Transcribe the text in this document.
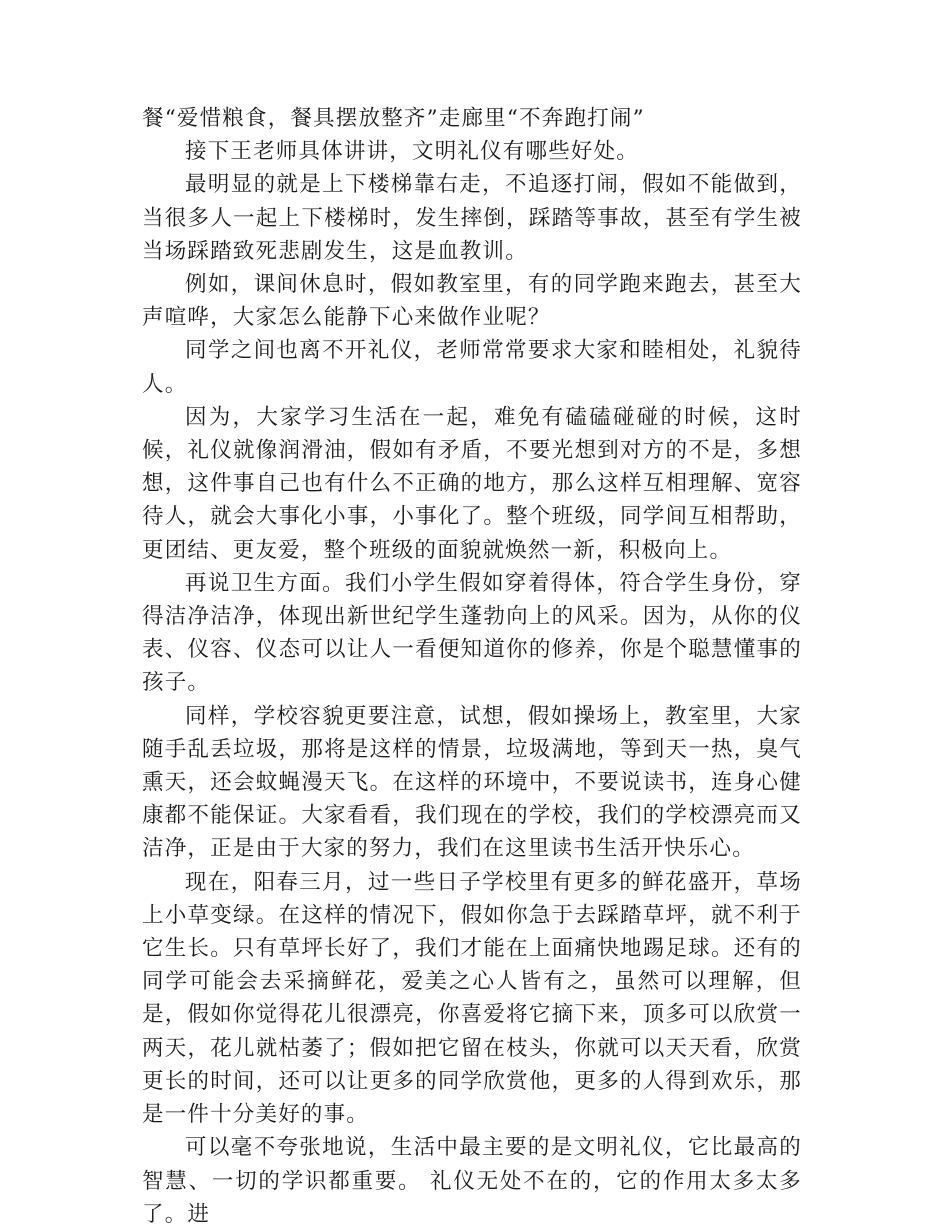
餐“爱惜粮食，餐具摆放整齐”走廊里“不奔跑打闹”

接下王老师具体讲讲，文明礼仪有哪些好处。

最明显的就是上下楼梯靠右走，不追逐打闹，假如不能做到，当很多人一起上下楼梯时，发生摔倒，踩踏等事故，甚至有学生被当场踩踏致死悲剧发生，这是血教训。

例如，课间休息时，假如教室里，有的同学跑来跑去，甚至大声喧哗，大家怎么能静下心来做作业呢？

同学之间也离不开礼仪，老师常常要求大家和睦相处，礼貌待人。

因为，大家学习生活在一起，难免有磕磕碰碰的时候，这时候，礼仪就像润滑油，假如有矛盾，不要光想到对方的不是，多想想，这件事自己也有什么不正确的地方，那么这样互相理解、宽容待人，就会大事化小事，小事化了。整个班级，同学间互相帮助，更团结、更友爱，整个班级的面貌就焕然一新，积极向上。

再说卫生方面。我们小学生假如穿着得体，符合学生身份，穿得洁净洁净，体现出新世纪学生蓬勃向上的风采。因为，从你的仪表、仪容、仪态可以让人一看便知道你的修养，你是个聪慧懂事的孩子。

同样，学校容貌更要注意，试想，假如操场上，教室里，大家随手乱丢垃圾，那将是这样的情景，垃圾满地，等到天一热，臭气熏天，还会蚊蝇漫天飞。在这样的环境中，不要说读书，连身心健康都不能保证。大家看看，我们现在的学校，我们的学校漂亮而又洁净，正是由于大家的努力，我们在这里读书生活开快乐心。

现在，阳春三月，过一些日子学校里有更多的鲜花盛开，草场上小草变绿。在这样的情况下，假如你急于去踩踏草坪，就不利于它生长。只有草坪长好了，我们才能在上面痛快地踢足球。还有的同学可能会去采摘鲜花，爱美之心人皆有之，虽然可以理解，但是，假如你觉得花儿很漂亮，你喜爱将它摘下来，顶多可以欣赏一两天，花儿就枯萎了；假如把它留在枝头，你就可以天天看，欣赏更长的时间，还可以让更多的同学欣赏他，更多的人得到欢乐，那是一件十分美好的事。

可以毫不夸张地说，生活中最主要的是文明礼仪，它比最高的智慧、一切的学识都重要。 礼仪无处不在的，它的作用太多太多了。进
